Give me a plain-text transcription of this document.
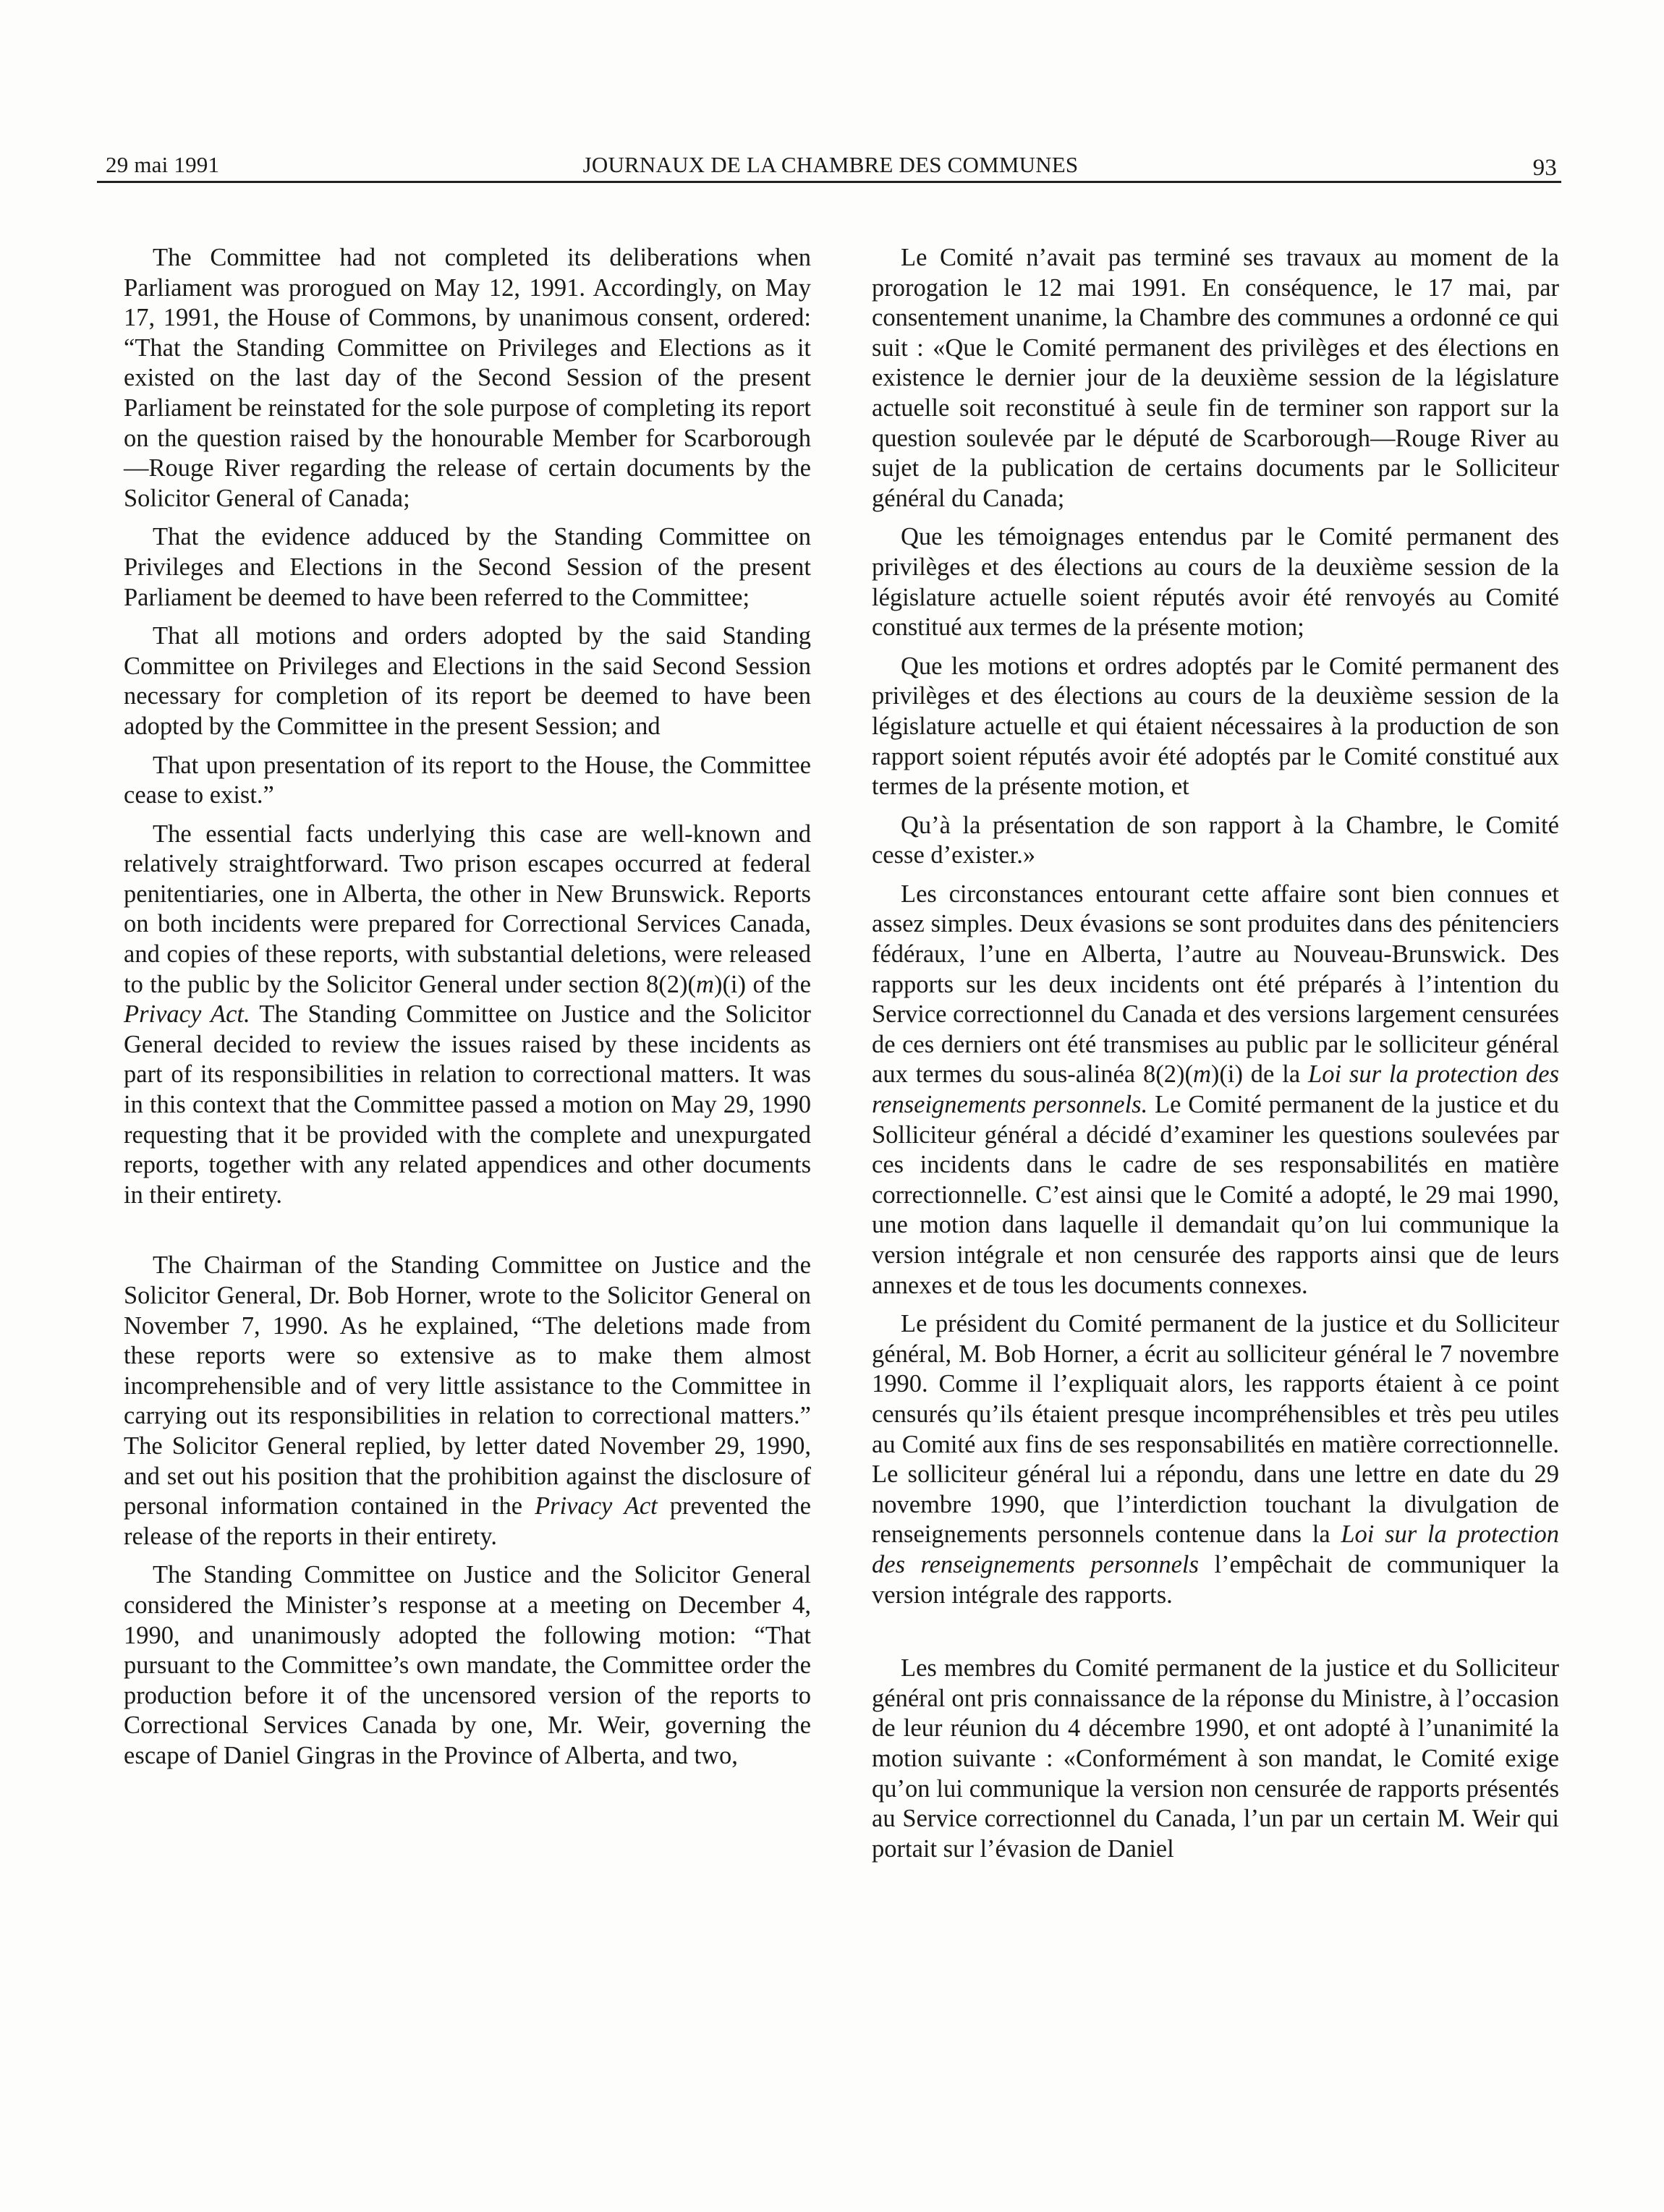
29 mai 1991	JOURNAUX DE LA CHAMBRE DES COMMUNES	93

The Committee had not completed its deliberations when Parliament was prorogued on May 12, 1991. Accordingly, on May 17, 1991, the House of Commons, by unanimous consent, ordered: “That the Standing Committee on Privileges and Elections as it existed on the last day of the Second Session of the present Parliament be reinstated for the sole purpose of completing its report on the question raised by the honourable Member for Scarborough—Rouge River regarding the release of certain documents by the Solicitor General of Canada;

That the evidence adduced by the Standing Committee on Privileges and Elections in the Second Session of the present Parliament be deemed to have been referred to the Committee;

That all motions and orders adopted by the said Standing Committee on Privileges and Elections in the said Second Session necessary for completion of its report be deemed to have been adopted by the Committee in the present Session; and

That upon presentation of its report to the House, the Committee cease to exist.”

The essential facts underlying this case are well-known and relatively straightforward. Two prison escapes occurred at federal penitentiaries, one in Alberta, the other in New Brunswick. Reports on both incidents were prepared for Correctional Services Canada, and copies of these reports, with substantial deletions, were released to the public by the Solicitor General under section 8(2)(m)(i) of the Privacy Act. The Standing Committee on Justice and the Solicitor General decided to review the issues raised by these incidents as part of its responsibilities in relation to correctional matters. It was in this context that the Committee passed a motion on May 29, 1990 requesting that it be provided with the complete and unexpurgated reports, together with any related appendices and other documents in their entirety.

The Chairman of the Standing Committee on Justice and the Solicitor General, Dr. Bob Horner, wrote to the Solicitor General on November 7, 1990. As he explained, “The deletions made from these reports were so extensive as to make them almost incomprehensible and of very little assistance to the Committee in carrying out its responsibilities in relation to correctional matters.” The Solicitor General replied, by letter dated November 29, 1990, and set out his position that the prohibition against the disclosure of personal information contained in the Privacy Act prevented the release of the reports in their entirety.

The Standing Committee on Justice and the Solicitor General considered the Minister’s response at a meeting on December 4, 1990, and unanimously adopted the following motion: “That pursuant to the Committee’s own mandate, the Committee order the production before it of the uncensored version of the reports to Correctional Services Canada by one, Mr. Weir, governing the escape of Daniel Gingras in the Province of Alberta, and two,

Le Comité n’avait pas terminé ses travaux au moment de la prorogation le 12 mai 1991. En conséquence, le 17 mai, par consentement unanime, la Chambre des communes a ordonné ce qui suit : «Que le Comité permanent des privilèges et des élections en existence le dernier jour de la deuxième session de la législature actuelle soit reconstitué à seule fin de terminer son rapport sur la question soulevée par le député de Scarborough—Rouge River au sujet de la publication de certains documents par le Solliciteur général du Canada;

Que les témoignages entendus par le Comité permanent des privilèges et des élections au cours de la deuxième session de la législature actuelle soient réputés avoir été renvoyés au Comité constitué aux termes de la présente motion;

Que les motions et ordres adoptés par le Comité permanent des privilèges et des élections au cours de la deuxième session de la législature actuelle et qui étaient nécessaires à la production de son rapport soient réputés avoir été adoptés par le Comité constitué aux termes de la présente motion, et

Qu’à la présentation de son rapport à la Chambre, le Comité cesse d’exister.»

Les circonstances entourant cette affaire sont bien connues et assez simples. Deux évasions se sont produites dans des pénitenciers fédéraux, l’une en Alberta, l’autre au Nouveau-Brunswick. Des rapports sur les deux incidents ont été préparés à l’intention du Service correctionnel du Canada et des versions largement censurées de ces derniers ont été transmises au public par le solliciteur général aux termes du sous-alinéa 8(2)(m)(i) de la Loi sur la protection des renseignements personnels. Le Comité permanent de la justice et du Solliciteur général a décidé d’examiner les questions soulevées par ces incidents dans le cadre de ses responsabilités en matière correctionnelle. C’est ainsi que le Comité a adopté, le 29 mai 1990, une motion dans laquelle il demandait qu’on lui communique la version intégrale et non censurée des rapports ainsi que de leurs annexes et de tous les documents connexes.

Le président du Comité permanent de la justice et du Solliciteur général, M. Bob Horner, a écrit au solliciteur général le 7 novembre 1990. Comme il l’expliquait alors, les rapports étaient à ce point censurés qu’ils étaient presque incompréhensibles et très peu utiles au Comité aux fins de ses responsabilités en matière correctionnelle. Le solliciteur général lui a répondu, dans une lettre en date du 29 novembre 1990, que l’interdiction touchant la divulgation de renseignements personnels contenue dans la Loi sur la protection des renseignements personnels l’empêchait de communiquer la version intégrale des rapports.

Les membres du Comité permanent de la justice et du Solliciteur général ont pris connaissance de la réponse du Ministre, à l’occasion de leur réunion du 4 décembre 1990, et ont adopté à l’unanimité la motion suivante : «Conformément à son mandat, le Comité exige qu’on lui communique la version non censurée de rapports présentés au Service correctionnel du Canada, l’un par un certain M. Weir qui portait sur l’évasion de Daniel
